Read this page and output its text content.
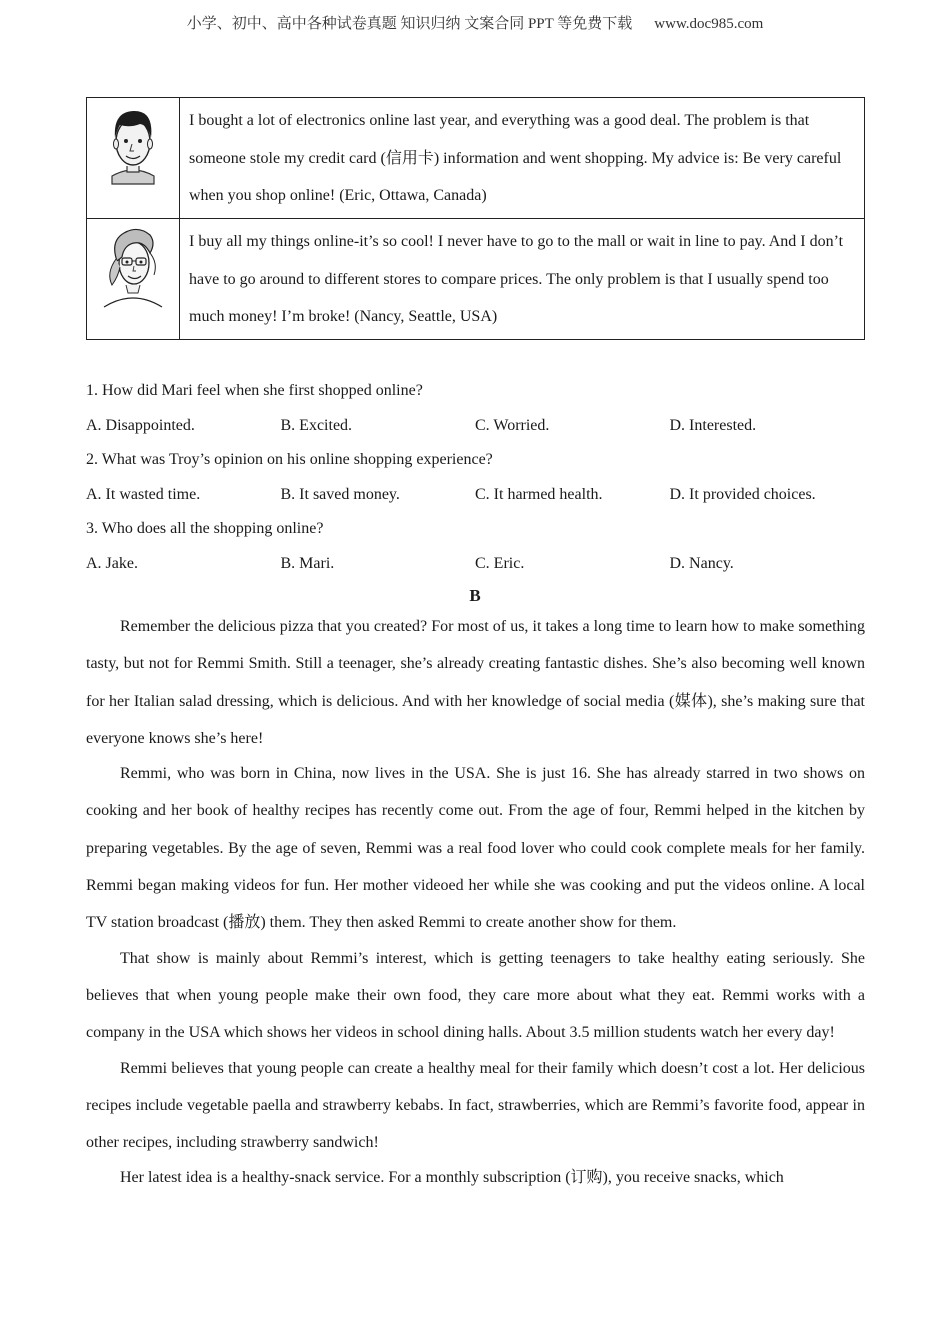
小学、初中、高中各种试卷真题 知识归纳 文案合同 PPT 等免费下载 www.doc985.com
	I bought a lot of electronics online last year, and everything was a good deal. The problem is that someone stole my credit card (信用卡) information and went shopping. My advice is: Be very careful when you shop online! (Eric, Ottawa, Canada)

	I buy all my things online-it’s so cool! I never have to go to the mall or wait in line to pay. And I don’t have to go around to different stores to compare prices. The only problem is that I usually spend too much money! I’m broke! (Nancy, Seattle, USA)
1. How did Mari feel when she first shopped online?
A. Disappointed.	B. Excited.	C. Worried.	D. Interested.
2. What was Troy’s opinion on his online shopping experience?
A. It wasted time.	B. It saved money.	C. It harmed health.	D. It provided choices.
3. Who does all the shopping online?
A. Jake.	B. Mari.	C. Eric.	D. Nancy.
B

Remember the delicious pizza that you created? For most of us, it takes a long time to learn how to make something tasty, but not for Remmi Smith. Still a teenager, she’s already creating fantastic dishes. She’s also becoming well known for her Italian salad dressing, which is delicious. And with her knowledge of social media (媒体), she’s making sure that everyone knows she’s here!

Remmi, who was born in China, now lives in the USA. She is just 16. She has already starred in two shows on cooking and her book of healthy recipes has recently come out. From the age of four, Remmi helped in the kitchen by preparing vegetables. By the age of seven, Remmi was a real food lover who could cook complete meals for her family. Remmi began making videos for fun. Her mother videoed her while she was cooking and put the videos online. A local TV station broadcast (播放) them. They then asked Remmi to create another show for them.

That show is mainly about Remmi’s interest, which is getting teenagers to take healthy eating seriously. She believes that when young people make their own food, they care more about what they eat. Remmi works with a company in the USA which shows her videos in school dining halls. About 3.5 million students watch her every day!

Remmi believes that young people can create a healthy meal for their family which doesn’t cost a lot. Her delicious recipes include vegetable paella and strawberry kebabs. In fact, strawberries, which are Remmi’s favorite food, appear in other recipes, including strawberry sandwich!

Her latest idea is a healthy-snack service. For a monthly subscription (订购), you receive snacks, which
